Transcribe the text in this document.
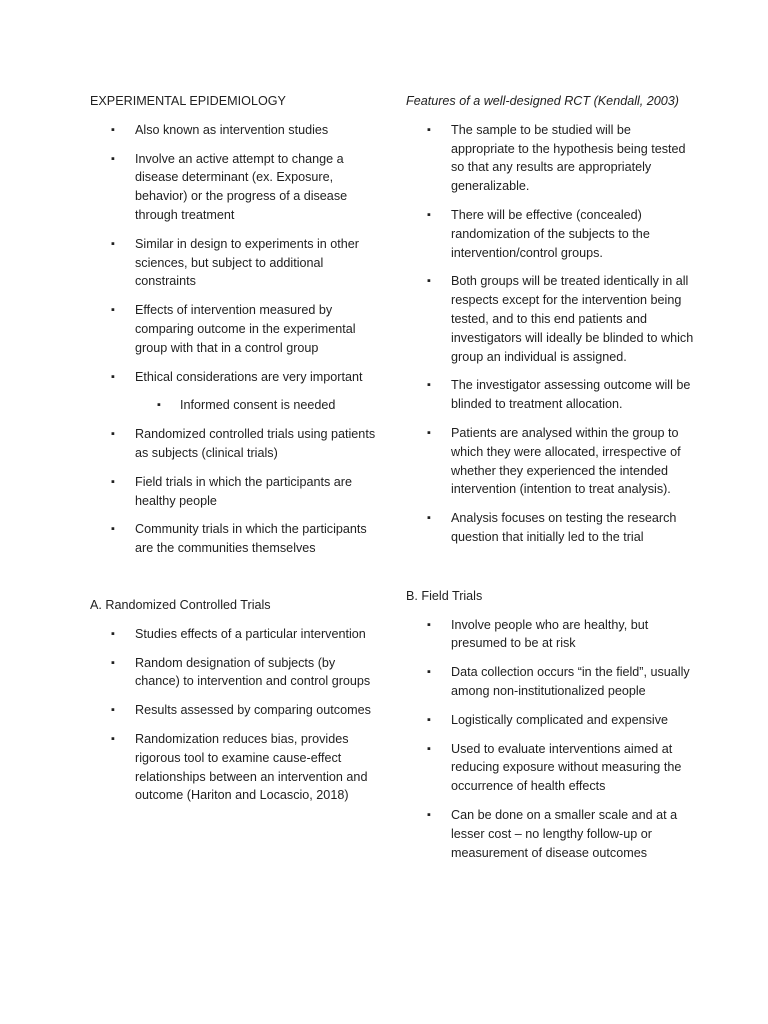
EXPERIMENTAL EPIDEMIOLOGY
▪ Also known as intervention studies
▪ Involve an active attempt to change a disease determinant (ex. Exposure, behavior) or the progress of a disease through treatment
▪ Similar in design to experiments in other sciences, but subject to additional constraints
▪ Effects of intervention measured by comparing outcome in the experimental group with that in a control group
▪ Ethical considerations are very important
▪ Informed consent is needed
▪ Randomized controlled trials using patients as subjects (clinical trials)
▪ Field trials in which the participants are healthy people
▪ Community trials in which the participants are the communities themselves
A. Randomized Controlled Trials
▪ Studies effects of a particular intervention
▪ Random designation of subjects (by chance) to intervention and control groups
▪ Results assessed by comparing outcomes
▪ Randomization reduces bias, provides rigorous tool to examine cause-effect relationships between an intervention and outcome (Hariton and Locascio, 2018)
Features of a well-designed RCT (Kendall, 2003)
▪ The sample to be studied will be appropriate to the hypothesis being tested so that any results are appropriately generalizable.
▪ There will be effective (concealed) randomization of the subjects to the intervention/control groups.
▪ Both groups will be treated identically in all respects except for the intervention being tested, and to this end patients and investigators will ideally be blinded to which group an individual is assigned.
▪ The investigator assessing outcome will be blinded to treatment allocation.
▪ Patients are analysed within the group to which they were allocated, irrespective of whether they experienced the intended intervention (intention to treat analysis).
▪ Analysis focuses on testing the research question that initially led to the trial
B. Field Trials
▪ Involve people who are healthy, but presumed to be at risk
▪ Data collection occurs “in the field”, usually among non-institutionalized people
▪ Logistically complicated and expensive
▪ Used to evaluate interventions aimed at reducing exposure without measuring the occurrence of health effects
▪ Can be done on a smaller scale and at a lesser cost – no lengthy follow-up or measurement of disease outcomes
